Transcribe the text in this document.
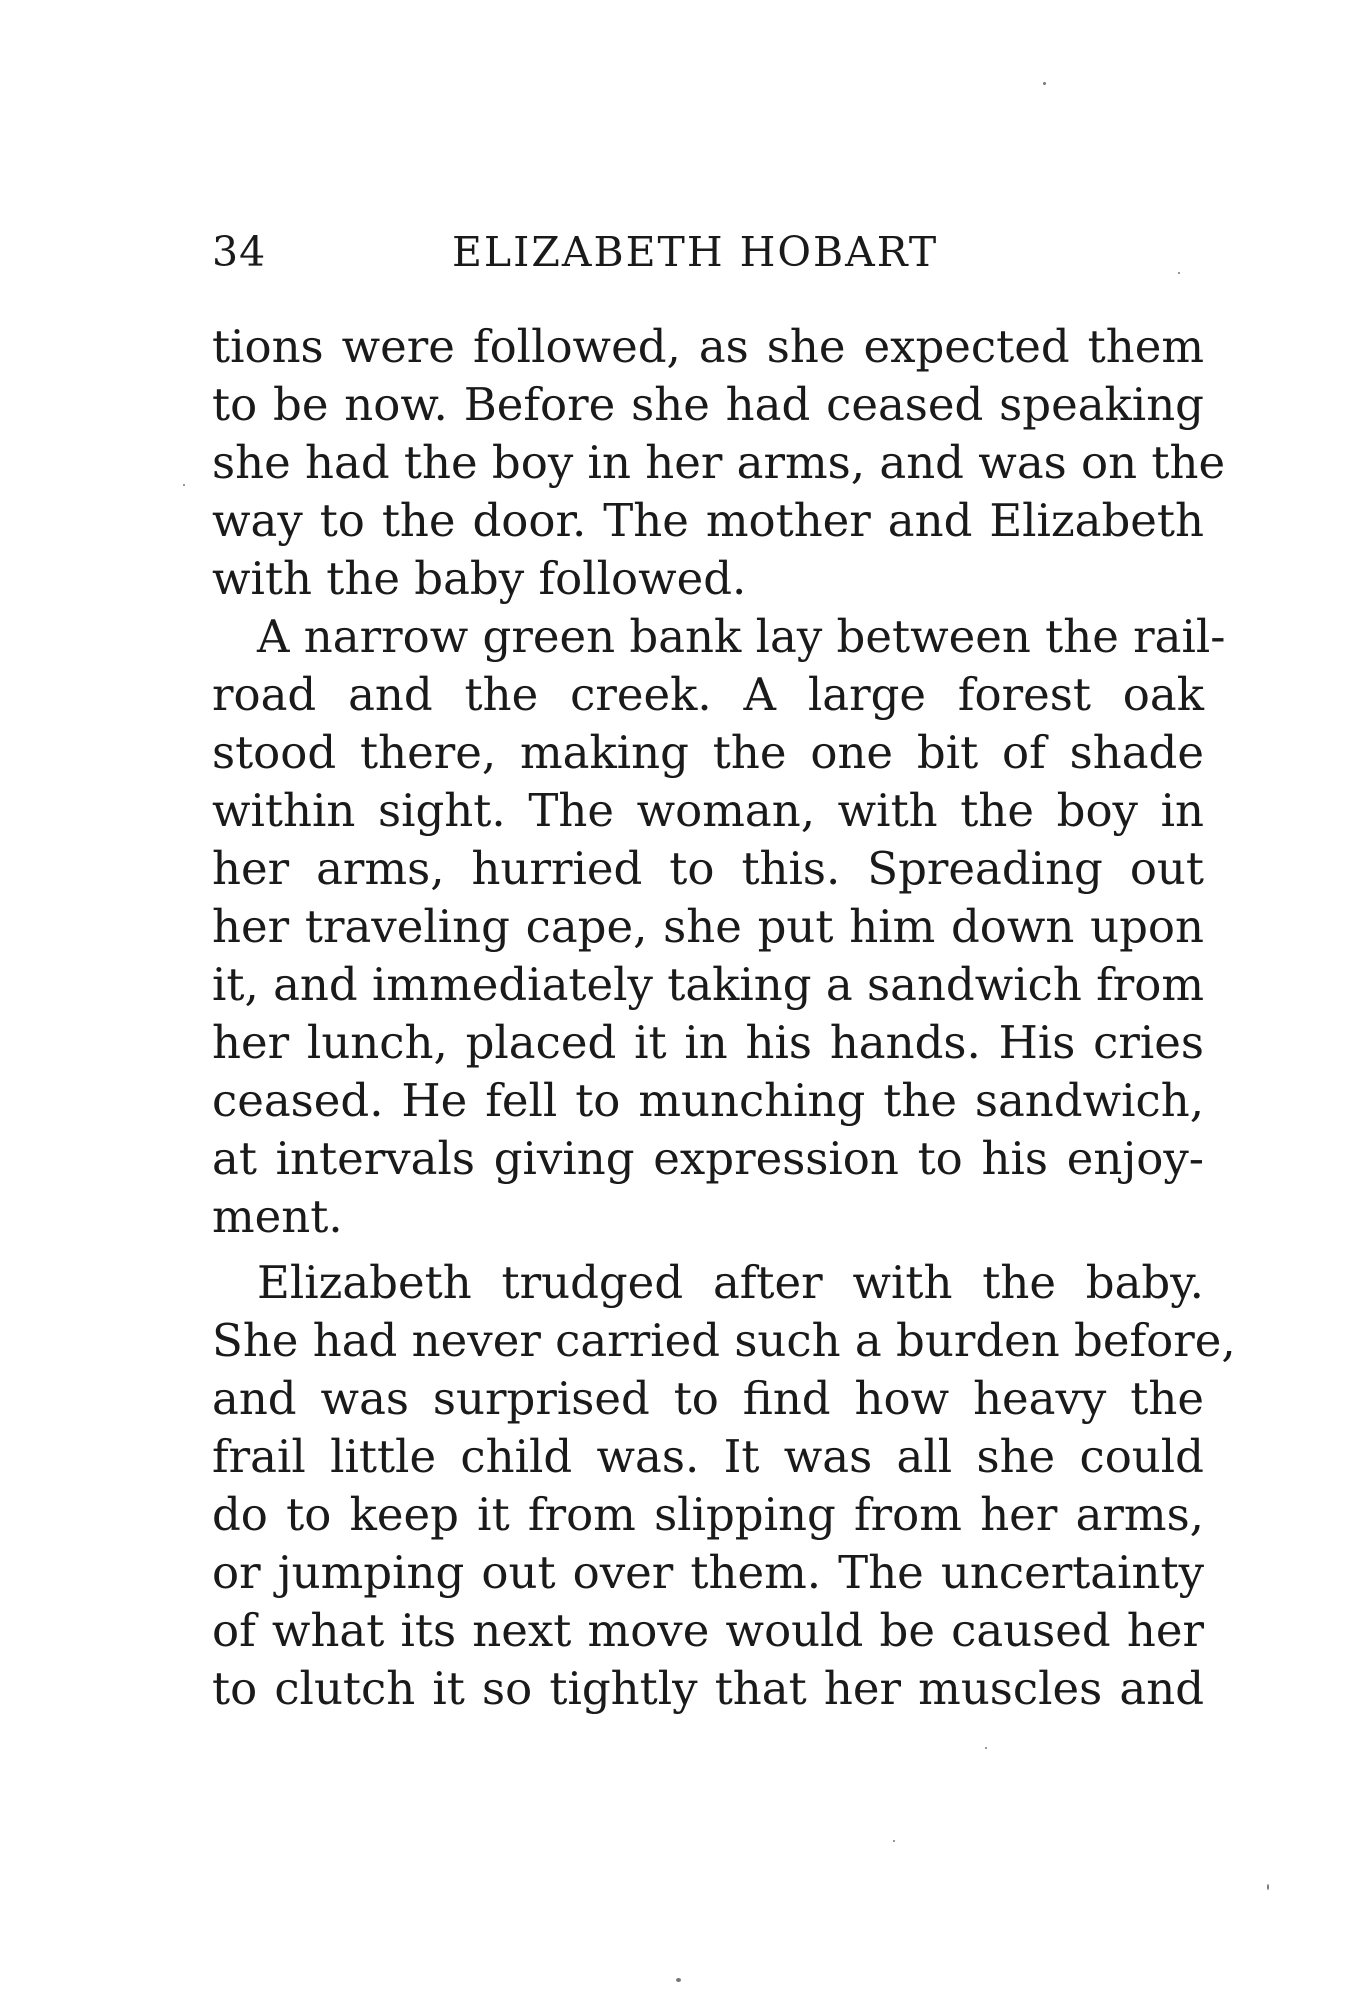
34	ELIZABETH HOBART
tions were followed, as she expected them
to be now. Before she had ceased speaking
she had the boy in her arms, and was on the
way to the door. The mother and Elizabeth
with the baby followed.
A narrow green bank lay between the rail-
road and the creek. A large forest oak
stood there, making the one bit of shade
within sight. The woman, with the boy in
her arms, hurried to this. Spreading out
her traveling cape, she put him down upon
it, and immediately taking a sandwich from
her lunch, placed it in his hands. His cries
ceased. He fell to munching the sandwich,
at intervals giving expression to his enjoy-
ment.
Elizabeth trudged after with the baby.
She had never carried such a burden before,
and was surprised to find how heavy the
frail little child was. It was all she could
do to keep it from slipping from her arms,
or jumping out over them. The uncertainty
of what its next move would be caused her
to clutch it so tightly that her muscles and
